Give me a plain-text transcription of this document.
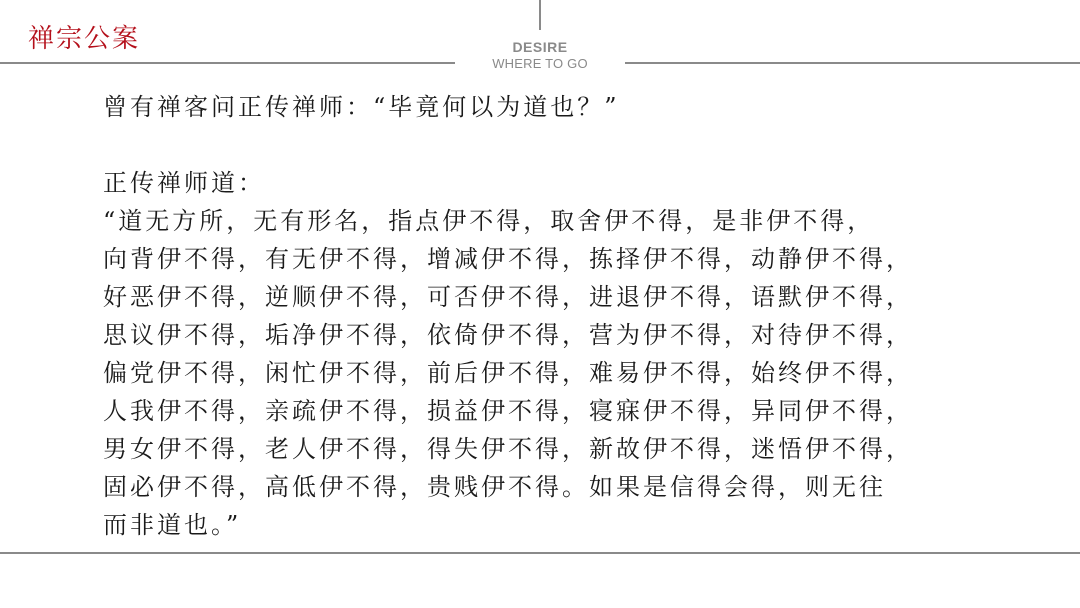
禅宗公案	DESIRE
WHERE TO GO
曾有禅客问正传禅师：“毕竟何以为道也？”
正传禅师道：
“道无方所，无有形名，指点伊不得，取舍伊不得，是非伊不得，
向背伊不得，有无伊不得，增减伊不得，拣择伊不得，动静伊不得，
好恶伊不得，逆顺伊不得，可否伊不得，进退伊不得，语默伊不得，
思议伊不得，垢净伊不得，依倚伊不得，营为伊不得，对待伊不得，
偏党伊不得，闲忙伊不得，前后伊不得，难易伊不得，始终伊不得，
人我伊不得，亲疏伊不得，损益伊不得，寝寐伊不得，异同伊不得，
男女伊不得，老人伊不得，得失伊不得，新故伊不得，迷悟伊不得，
固必伊不得，高低伊不得，贵贱伊不得。如果是信得会得，则无往
而非道也。”
